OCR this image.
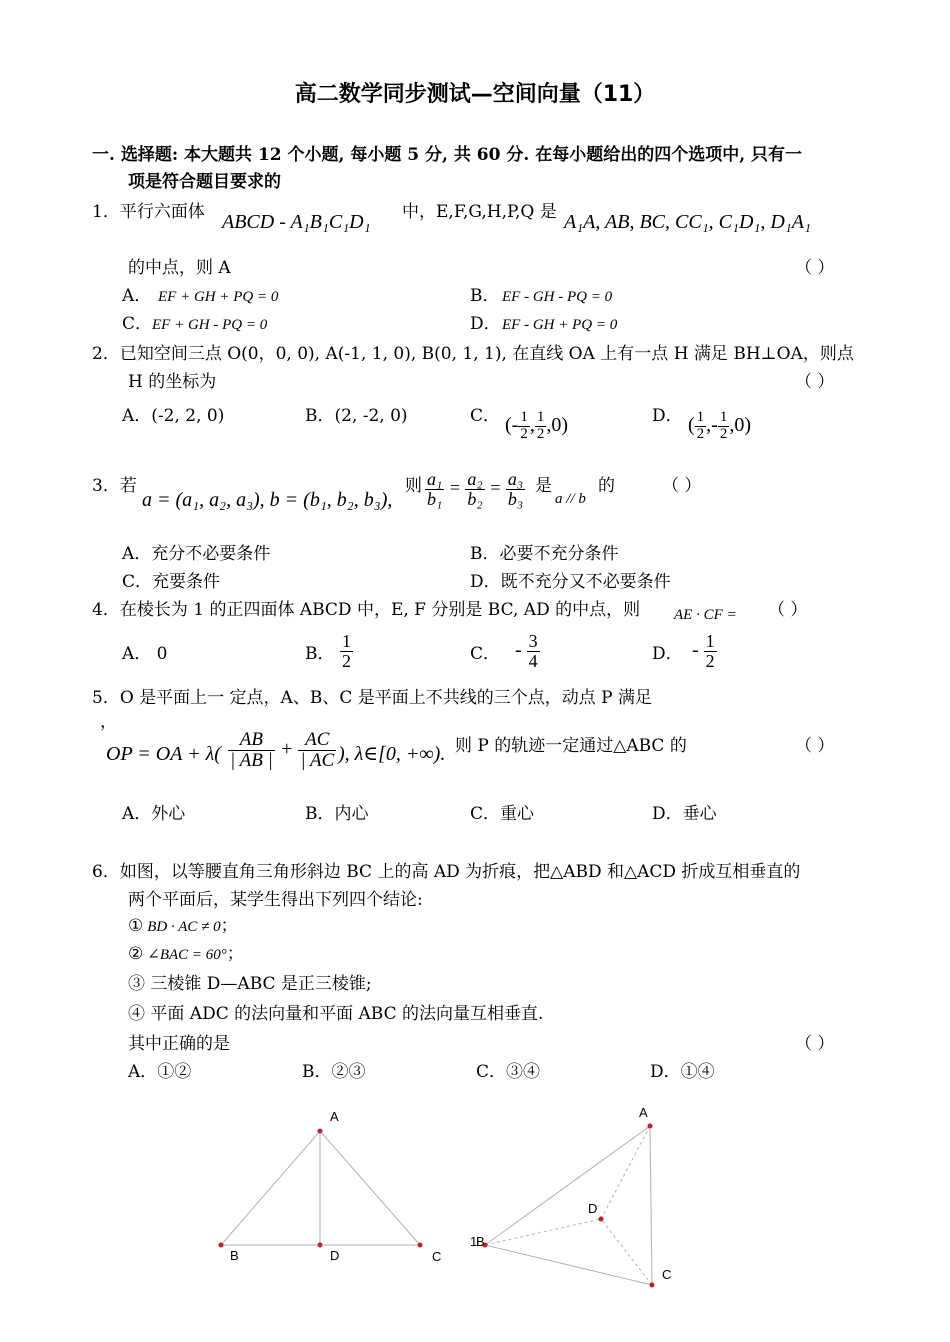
高二数学同步测试—空间向量（11）
一. 选择题: 本大题共 12 个小题, 每小题 5 分, 共 60 分. 在每小题给出的四个选项中, 只有一
项是符合题目要求的
1．平行六面体 ABCD - A₁B₁C₁D₁ 中，E,F,G,H,P,Q 是 A₁A, AB, BC, CC₁, C₁D₁, D₁A₁
的中点，则 A	（ ）
A． EF + GH + PQ = 0	B． EF - GH - PQ = 0
C． EF + GH - PQ = 0	D． EF - GH + PQ = 0
2．已知空间三点 O(0，0, 0), A(-1, 1, 0), B(0, 1, 1), 在直线 OA 上有一点 H 满足 BH⊥OA，则点
H 的坐标为	（ ）
A．(-2, 2, 0)	B．(2, -2, 0)	C． (- $\frac{1}{2}$ , $\frac{1}{2} ,0$)	D． ( $\frac{1}{2}$ ,- $\frac{1}{2} ,0$)
3．若
a = (a₁, a₂, a₃), b = (b₁, b₂, b₃),
则 $\frac{\text{a₁}}{\text{b₁}} = \frac{\text{a₂}}{\text{b₂}} = \frac{\text{a₃}}{\text{b₃}}$ 是
a // b
的	（ ）
A．充分不必要条件	B．必要不充分条件
C．充要条件	D．既不充分又不必要条件
4．在棱长为 1 的正四面体 ABCD 中，E, F 分别是 BC, AD 的中点，则 AE · CF = （ ）
A． 0	B． $\frac{1}{2}$	C． - $\frac{3}{4}$	D． - $\frac{1}{2}$
5．O 是平面上一 定点，A、B、C 是平面上不共线的三个点，动点 P 满足
，
OP = OA + $\lambda( \frac{AB}{| AB |} + \frac{AC}{| AC}$ ), λ∈[0, +∞). 则 P 的轨迹一定通过△ABC 的	（ ）
A．外心	B．内心	C．重心	D．垂心
6．如图，以等腰直角三角形斜边 BC 上的高 AD 为折痕，把△ABD 和△ACD 折成互相垂直的
两个平面后，某学生得出下列四个结论:
① BD · AC ≠ 0；
② ∠BAC = 60°；
③ 三棱锥 D—ABC 是正三棱锥;
④ 平面 ADC 的法向量和平面 ABC 的法向量互相垂直.
其中正确的是	（ ）
A．①②	B．②③	C．③④	D．①④
A
B	D	C
A
1
B
D
C
